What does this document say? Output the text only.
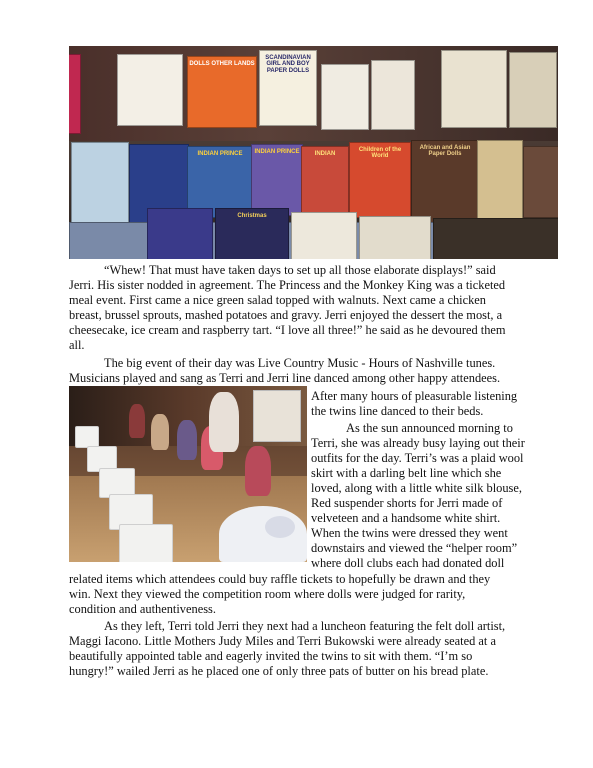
DOLLS OTHER LANDS
SCANDINAVIAN GIRL AND BOY PAPER DOLLS
INDIAN PRINCE	INDIAN PRINCE	INDIAN
Children of the World
African and Asian Paper Dolls
Christmas
“Whew! That must have taken days to set up all those elaborate displays!” said
Jerri. His sister nodded in agreement. The Princess and the Monkey King was a ticketed
meal event. First came a nice green salad topped with walnuts. Next came a chicken
breast, brussel sprouts, mashed potatoes and gravy. Jerri enjoyed the dessert the most, a
cheesecake, ice cream and raspberry tart. “I love all three!” he said as he devoured them
all.
The big event of their day was Live Country Music - Hours of Nashville tunes.
Musicians played and sang as Terri and Jerri line danced among other happy attendees.
After many hours of pleasurable listening
the twins line danced to their beds.
As the sun announced morning to
Terri, she was already busy laying out their
outfits for the day. Terri’s was a plaid wool
skirt with a darling belt line which she
loved, along with a little white silk blouse,
Red suspender shorts for Jerri made of
velveteen and a handsome white shirt.
When the twins were dressed they went
downstairs and viewed the “helper room”
where doll clubs each had donated doll
related items which attendees could buy raffle tickets to hopefully be drawn and they
win. Next they viewed the competition room where dolls were judged for rarity,
condition and authentiveness.
As they left, Terri told Jerri they next had a luncheon featuring the felt doll artist,
Maggi Iacono. Little Mothers Judy Miles and Terri Bukowski were already seated at a
beautifully appointed table and eagerly invited the twins to sit with them. “I’m so
hungry!” wailed Jerri as he placed one of only three pats of butter on his bread plate.
